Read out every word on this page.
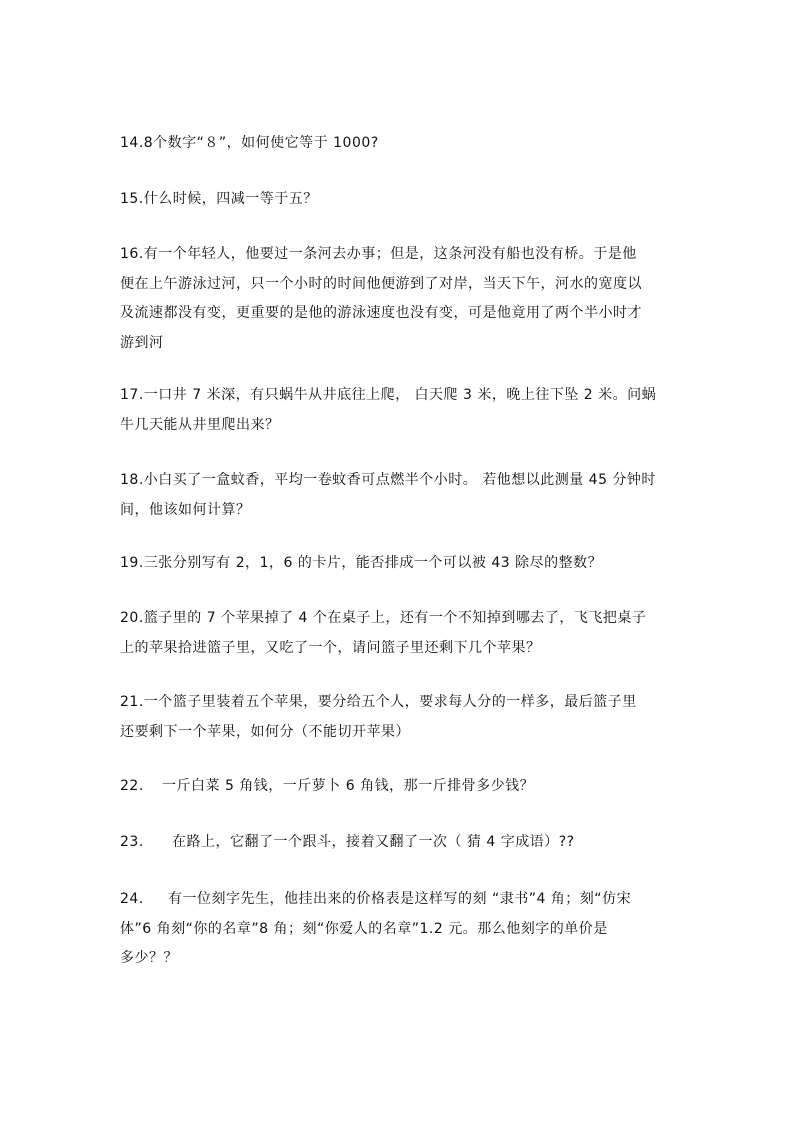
14.8个数字“８”，如何使它等于 1000?

15.什么时候，四减一等于五？

16.有一个年轻人，他要过一条河去办事；但是，这条河没有船也没有桥。于是他
便在上午游泳过河，只一个小时的时间他便游到了对岸，当天下午，河水的宽度以
及流速都没有变，更重要的是他的游泳速度也没有变，可是他竟用了两个半小时才
游到河

17.一口井 7 米深，有只蜗牛从井底往上爬， 白天爬 3 米，晚上往下坠 2 米。问蜗
牛几天能从井里爬出来？

18.小白买了一盒蚊香，平均一卷蚊香可点燃半个小时。 若他想以此测量 45 分钟时
间，他该如何计算？

19.三张分别写有 2，1，6 的卡片，能否排成一个可以被 43 除尽的整数？

20.篮子里的 7 个苹果掉了 4 个在桌子上，还有一个不知掉到哪去了，飞飞把桌子
上的苹果拾进篮子里，又吃了一个，请问篮子里还剩下几个苹果？

21.一个篮子里装着五个苹果，要分给五个人，要求每人分的一样多，最后篮子里
还要剩下一个苹果，如何分（不能切开苹果）

22. 一斤白菜 5 角钱，一斤萝卜 6 角钱，那一斤排骨多少钱？

23. 在路上，它翻了一个跟斗，接着又翻了一次（ 猜 4 字成语）??

24. 有一位刻字先生，他挂出来的价格表是这样写的刻 “隶书”4 角；刻“仿宋
体”6 角刻“你的名章”8 角；刻“你爱人的名章”1.2 元。那么他刻字的单价是
多少？？
